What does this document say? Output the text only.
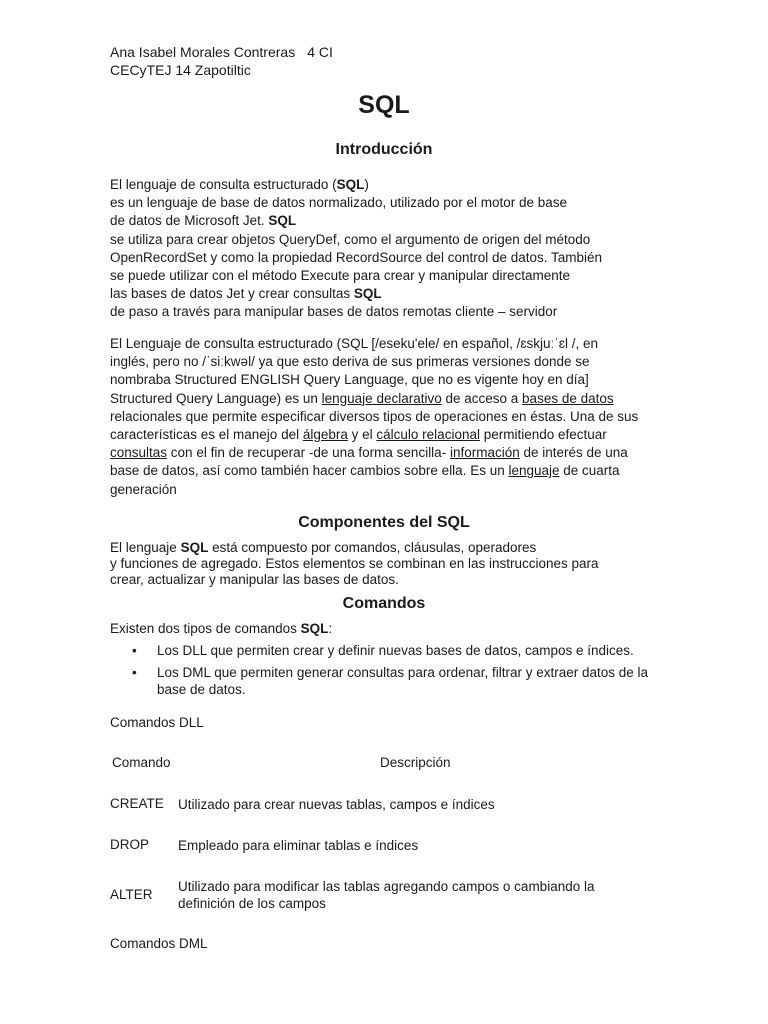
Ana Isabel Morales Contreras 4 CI
CECyTEJ 14 Zapotiltic
SQL
Introducción
El lenguaje de consulta estructurado (SQL)
es un lenguaje de base de datos normalizado, utilizado por el motor de base
de datos de Microsoft Jet. SQL
se utiliza para crear objetos QueryDef, como el argumento de origen del método
OpenRecordSet y como la propiedad RecordSource del control de datos. También
se puede utilizar con el método Execute para crear y manipular directamente
las bases de datos Jet y crear consultas SQL
de paso a través para manipular bases de datos remotas cliente – servidor

El Lenguaje de consulta estructurado (SQL [/eseku'ele/ en español, /ɛskjuːˈɛl /, en inglés, pero no /ˈsiːkwəl/ ya que esto deriva de sus primeras versiones donde se nombraba Structured ENGLISH Query Language, que no es vigente hoy en día] Structured Query Language) es un lenguaje declarativo de acceso a bases de datos relacionales que permite especificar diversos tipos de operaciones en éstas. Una de sus características es el manejo del álgebra y el cálculo relacional permitiendo efectuar consultas con el fin de recuperar -de una forma sencilla- información de interés de una base de datos, así como también hacer cambios sobre ella. Es un lenguaje de cuarta generación

Componentes del SQL
El lenguaje SQL está compuesto por comandos, cláusulas, operadores
y funciones de agregado. Estos elementos se combinan en las instrucciones para
crear, actualizar y manipular las bases de datos.
Comandos
Existen dos tipos de comandos SQL:
• Los DLL que permiten crear y definir nuevas bases de datos, campos e índices.
• Los DML que permiten generar consultas para ordenar, filtrar y extraer datos de la base de datos.
Comandos DLL
Comando	Descripción
CREATE Utilizado para crear nuevas tablas, campos e índices
DROP Empleado para eliminar tablas e índices
ALTERUtilizado para modificar las tablas agregando campos o cambiando la definición de los campos
Comandos DML
